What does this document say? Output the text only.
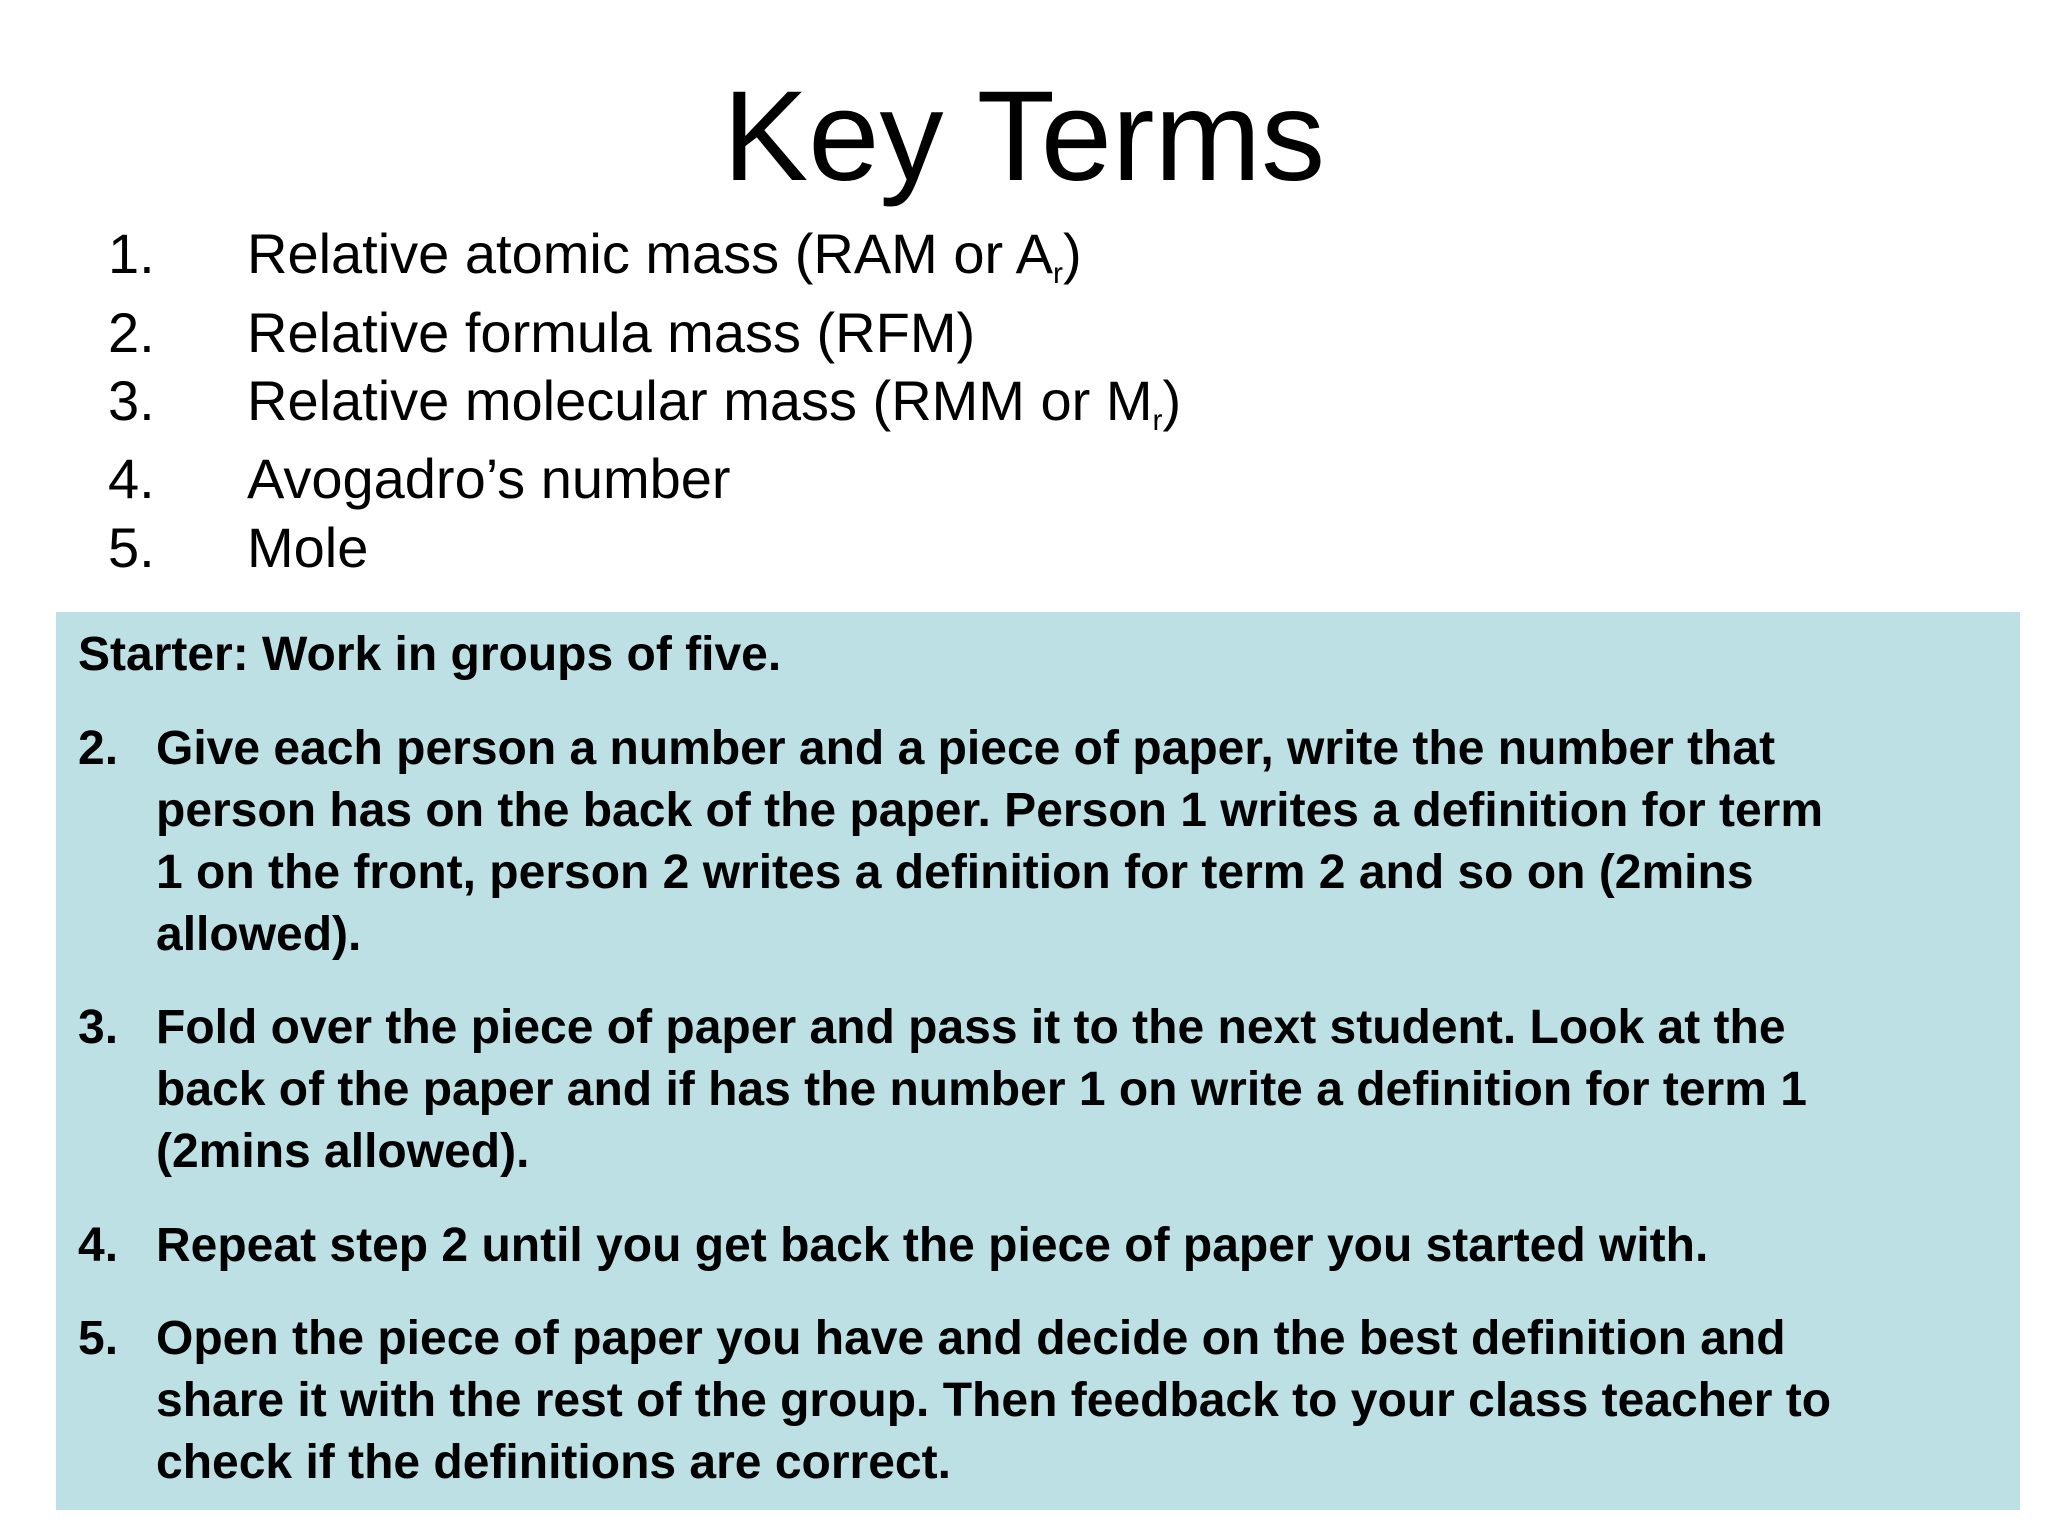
Key Terms
1. Relative atomic mass (RAM or $A_r$)
2. Relative formula mass (RFM)
3. Relative molecular mass (RMM or $M_r$)
4. Avogadro’s number
5. Mole

Starter: Work in groups of five.

2. Give each person a number and a piece of paper, write the number that
person has on the back of the paper. Person 1 writes a definition for term
1 on the front, person 2 writes a definition for term 2 and so on (2mins
allowed).
3. Fold over the piece of paper and pass it to the next student. Look at the
back of the paper and if has the number 1 on write a definition for term 1
(2mins allowed).
4. Repeat step 2 until you get back the piece of paper you started with.
5. Open the piece of paper you have and decide on the best definition and
share it with the rest of the group. Then feedback to your class teacher to
check if the definitions are correct.
